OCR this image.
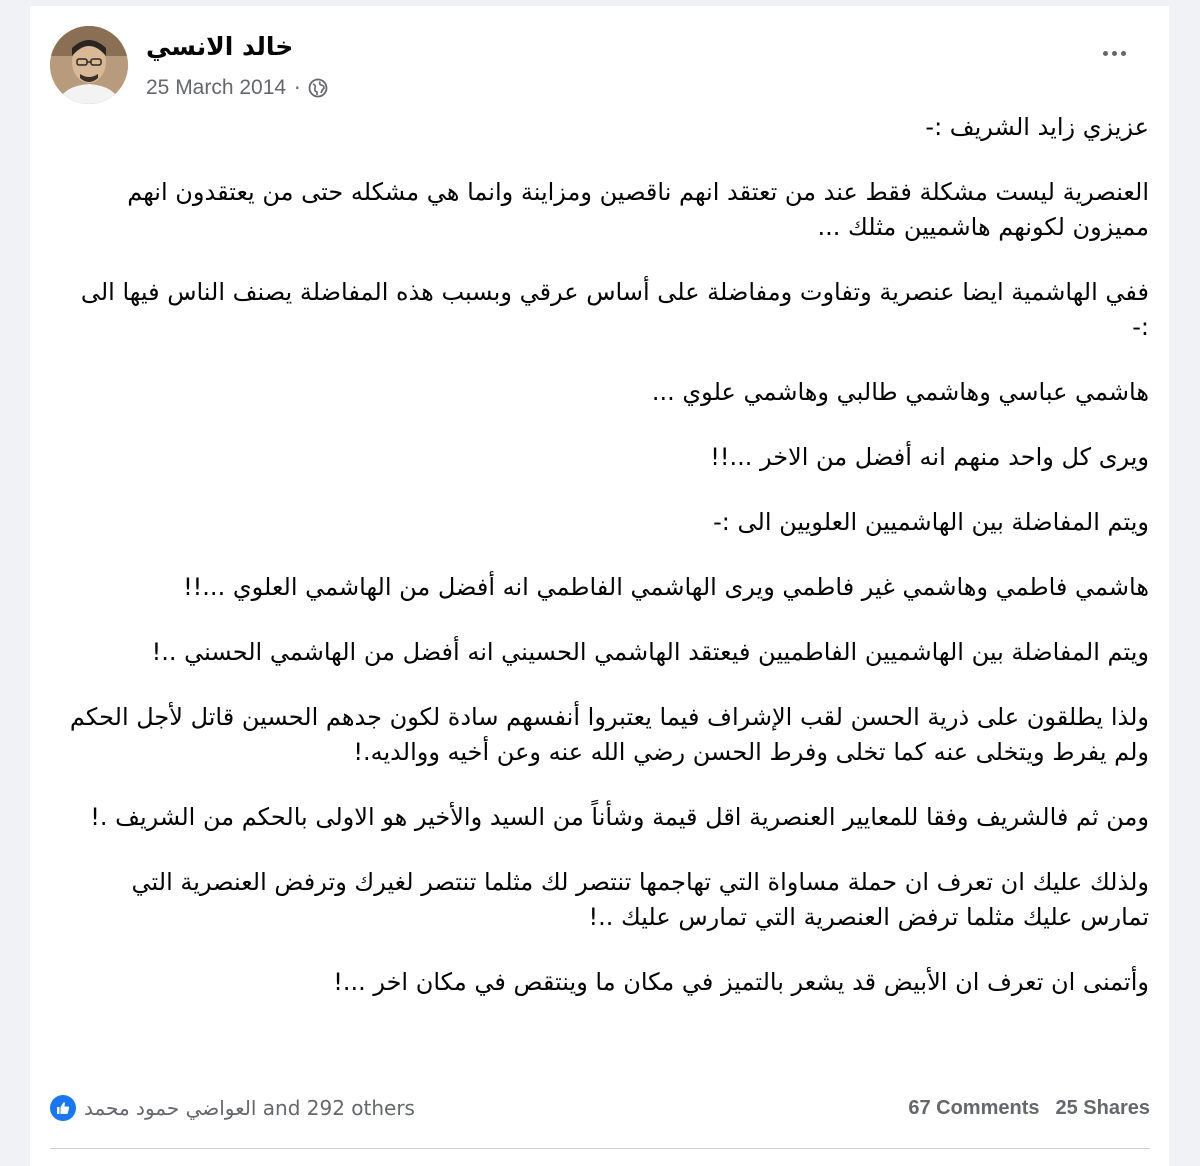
خالد الانسي
25 March 2014 ·

عزيزي زايد الشريف :-

العنصرية ليست مشكلة فقط عند من تعتقد انهم ناقصين ومزاينة وانما هي مشكله حتى من يعتقدون انهم مميزون لكونهم هاشميين مثلك ...

ففي الهاشمية ايضا عنصرية وتفاوت ومفاضلة على أساس عرقي وبسبب هذه المفاضلة يصنف الناس فيها الى :-

هاشمي عباسي وهاشمي طالبي وهاشمي علوي ...

ويرى كل واحد منهم انه أفضل من الاخر ...!!

ويتم المفاضلة بين الهاشميين العلويين الى :-

هاشمي فاطمي وهاشمي غير فاطمي ويرى الهاشمي الفاطمي انه أفضل من الهاشمي العلوي ...!!

ويتم المفاضلة بين الهاشميين الفاطميين فيعتقد الهاشمي الحسيني انه أفضل من الهاشمي الحسني ..!

ولذا يطلقون على ذرية الحسن لقب الإشراف فيما يعتبروا أنفسهم سادة لكون جدهم الحسين قاتل لأجل الحكم ولم يفرط ويتخلى عنه كما تخلى وفرط الحسن رضي الله عنه وعن أخيه ووالديه.!

ومن ثم فالشريف وفقا للمعايير العنصرية اقل قيمة وشأناً من السيد والأخير هو الاولى بالحكم من الشريف .!

ولذلك عليك ان تعرف ان حملة مساواة التي تهاجمها تنتصر لك مثلما تنتصر لغيرك وترفض العنصرية التي تمارس عليك مثلما ترفض العنصرية التي تمارس عليك ..!

وأتمنى ان تعرف ان الأبيض قد يشعر بالتميز في مكان ما وينتقص في مكان اخر ...!

العواضي حمود محمد and 292 others	67 Comments 25 Shares
